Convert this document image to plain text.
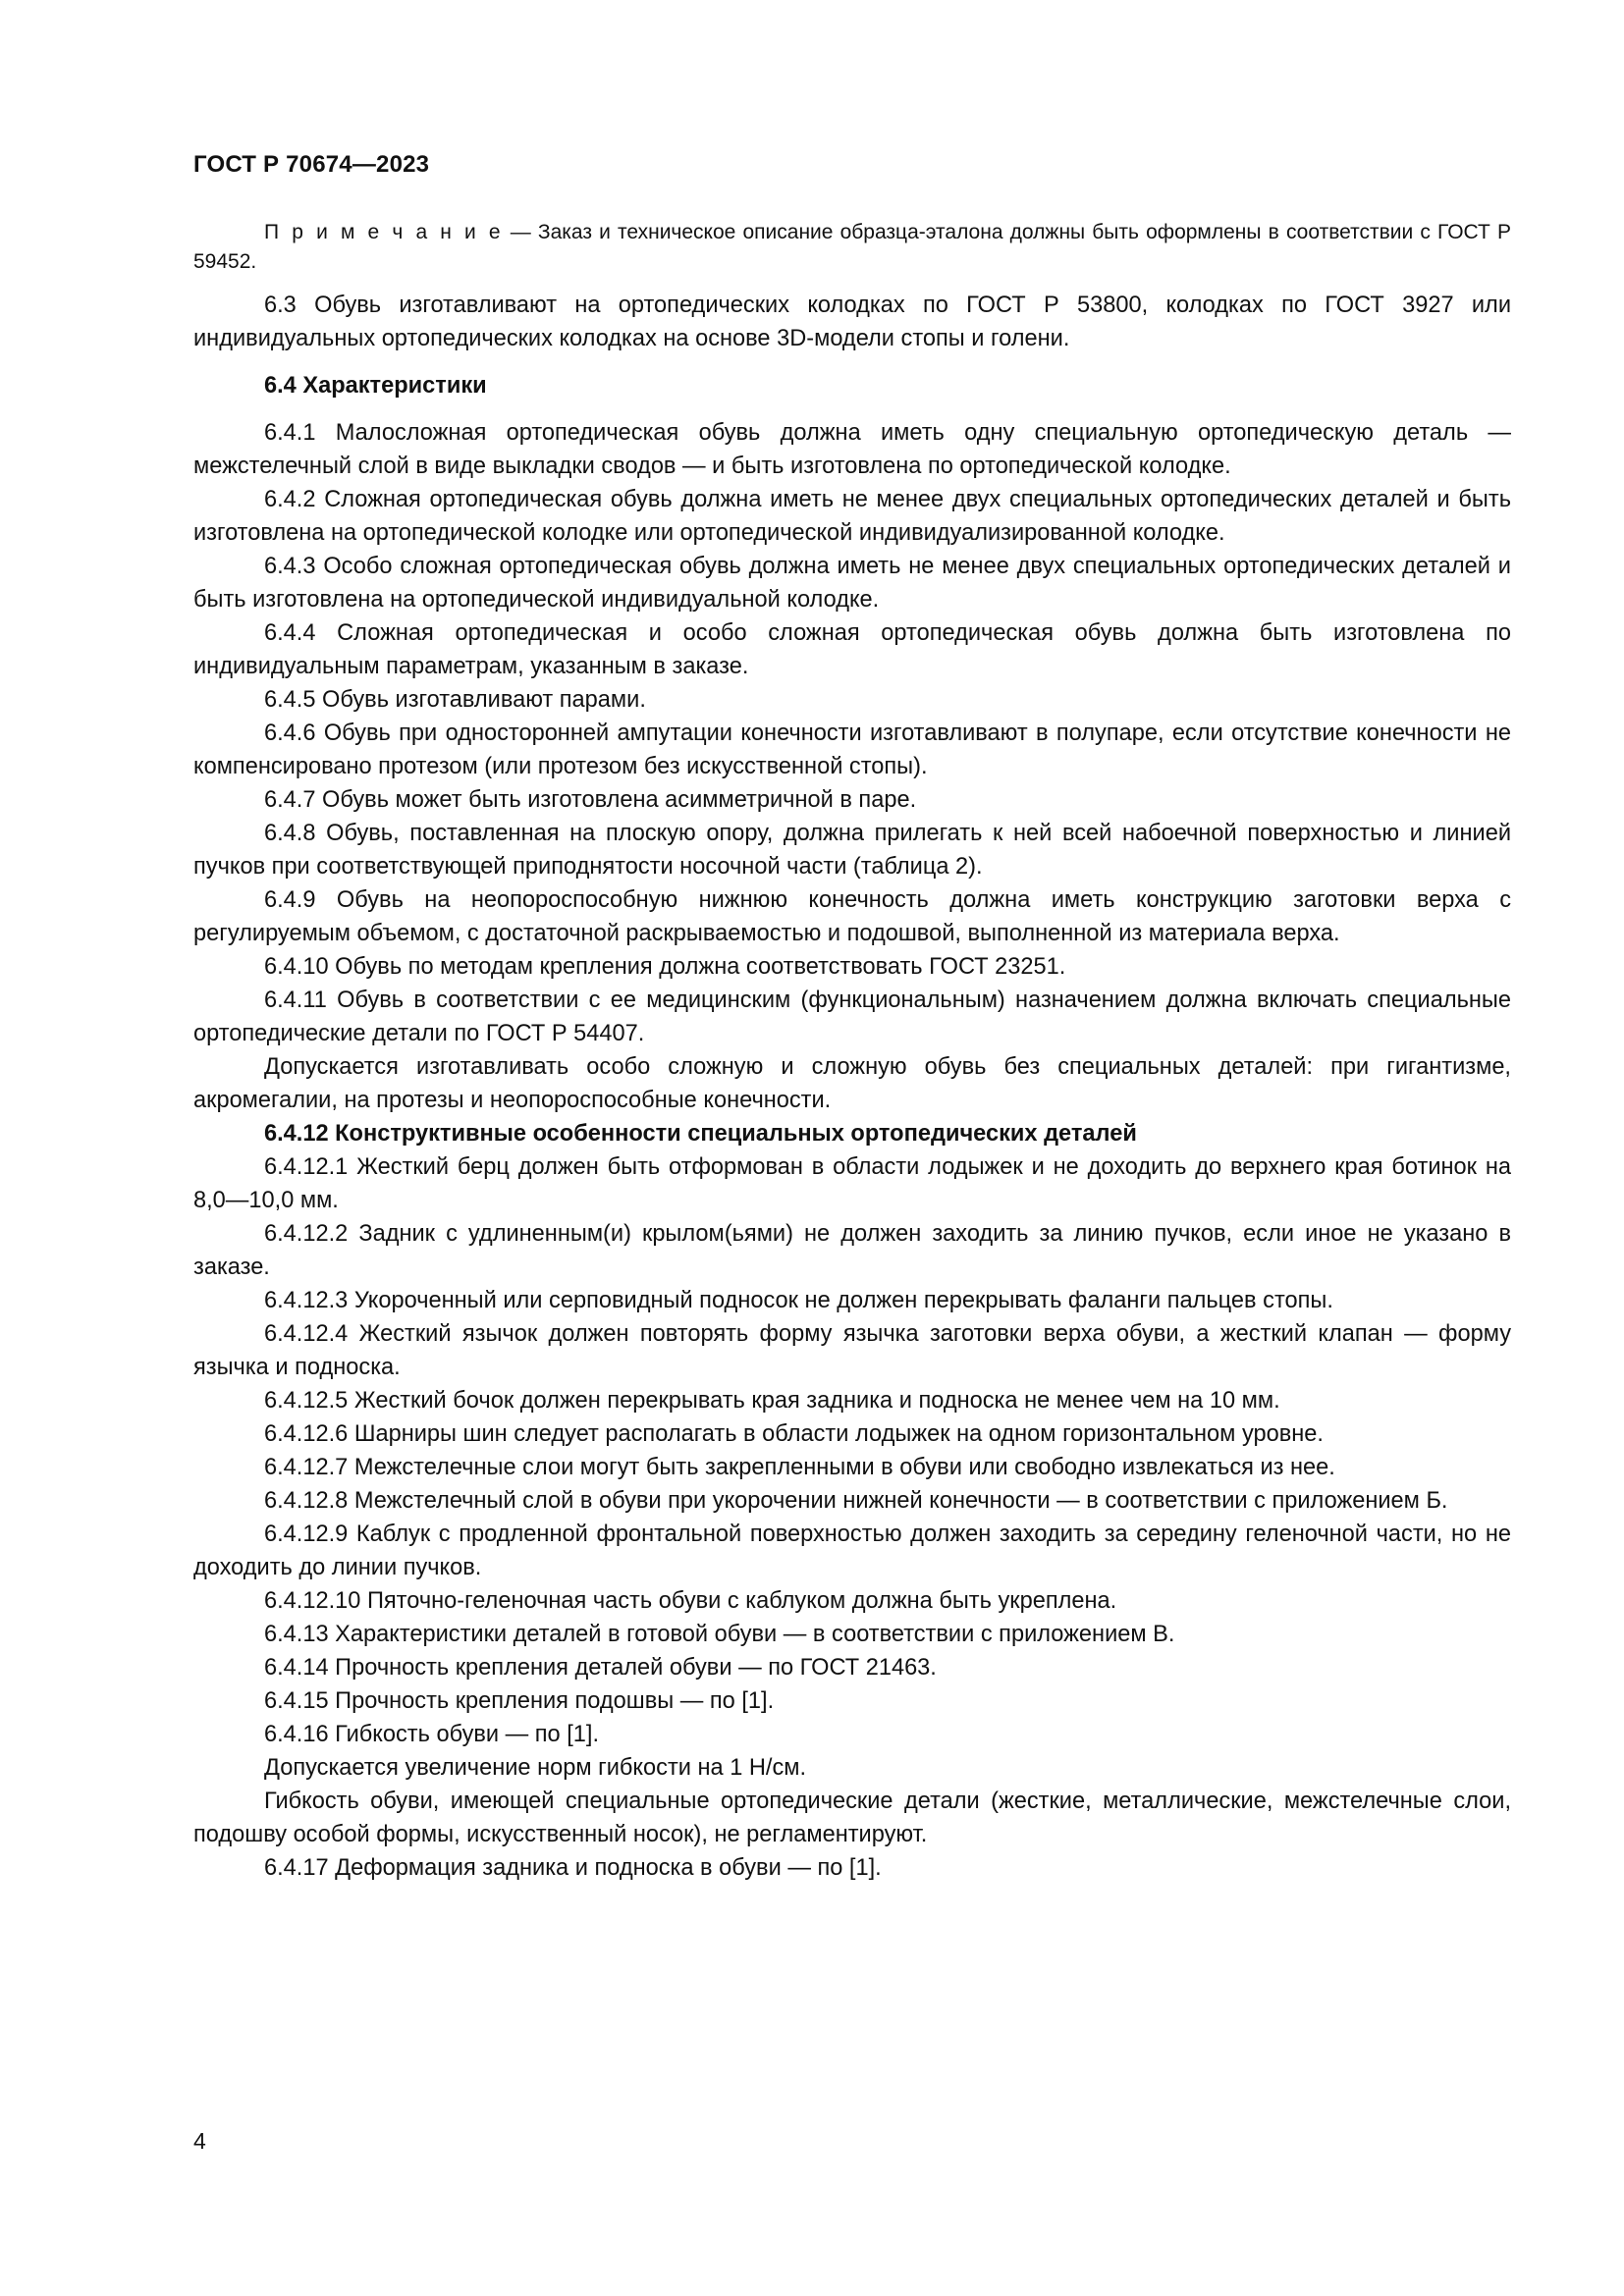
ГОСТ Р 70674—2023

П р и м е ч а н и е — Заказ и техническое описание образца-эталона должны быть оформлены в соответствии с ГОСТ Р 59452.

6.3 Обувь изготавливают на ортопедических колодках по ГОСТ Р 53800, колодках по ГОСТ 3927 или индивидуальных ортопедических колодках на основе 3D-модели стопы и голени.

6.4 Характеристики

6.4.1 Малосложная ортопедическая обувь должна иметь одну специальную ортопедическую деталь — межстелечный слой в виде выкладки сводов — и быть изготовлена по ортопедической колодке.

6.4.2 Сложная ортопедическая обувь должна иметь не менее двух специальных ортопедических деталей и быть изготовлена на ортопедической колодке или ортопедической индивидуализированной колодке.

6.4.3 Особо сложная ортопедическая обувь должна иметь не менее двух специальных ортопедических деталей и быть изготовлена на ортопедической индивидуальной колодке.

6.4.4 Сложная ортопедическая и особо сложная ортопедическая обувь должна быть изготовлена по индивидуальным параметрам, указанным в заказе.

6.4.5 Обувь изготавливают парами.

6.4.6 Обувь при односторонней ампутации конечности изготавливают в полупаре, если отсутствие конечности не компенсировано протезом (или протезом без искусственной стопы).

6.4.7 Обувь может быть изготовлена асимметричной в паре.

6.4.8 Обувь, поставленная на плоскую опору, должна прилегать к ней всей набоечной поверхностью и линией пучков при соответствующей приподнятости носочной части (таблица 2).

6.4.9 Обувь на неопороспособную нижнюю конечность должна иметь конструкцию заготовки верха с регулируемым объемом, с достаточной раскрываемостью и подошвой, выполненной из материала верха.

6.4.10 Обувь по методам крепления должна соответствовать ГОСТ 23251.

6.4.11 Обувь в соответствии с ее медицинским (функциональным) назначением должна включать специальные ортопедические детали по ГОСТ Р 54407.

Допускается изготавливать особо сложную и сложную обувь без специальных деталей: при гигантизме, акромегалии, на протезы и неопороспособные конечности.

6.4.12 Конструктивные особенности специальных ортопедических деталей

6.4.12.1 Жесткий берц должен быть отформован в области лодыжек и не доходить до верхнего края ботинок на 8,0—10,0 мм.

6.4.12.2 Задник с удлиненным(и) крылом(ьями) не должен заходить за линию пучков, если иное не указано в заказе.

6.4.12.3 Укороченный или серповидный подносок не должен перекрывать фаланги пальцев стопы.

6.4.12.4 Жесткий язычок должен повторять форму язычка заготовки верха обуви, а жесткий клапан — форму язычка и подноска.

6.4.12.5 Жесткий бочок должен перекрывать края задника и подноска не менее чем на 10 мм.

6.4.12.6 Шарниры шин следует располагать в области лодыжек на одном горизонтальном уровне.

6.4.12.7 Межстелечные слои могут быть закрепленными в обуви или свободно извлекаться из нее.

6.4.12.8 Межстелечный слой в обуви при укорочении нижней конечности — в соответствии с приложением Б.

6.4.12.9 Каблук с продленной фронтальной поверхностью должен заходить за середину геленочной части, но не доходить до линии пучков.

6.4.12.10 Пяточно-геленочная часть обуви с каблуком должна быть укреплена.

6.4.13 Характеристики деталей в готовой обуви — в соответствии с приложением В.

6.4.14 Прочность крепления деталей обуви — по ГОСТ 21463.

6.4.15 Прочность крепления подошвы — по [1].

6.4.16 Гибкость обуви — по [1].

Допускается увеличение норм гибкости на 1 Н/см.

Гибкость обуви, имеющей специальные ортопедические детали (жесткие, металлические, межстелечные слои, подошву особой формы, искусственный носок), не регламентируют.

6.4.17 Деформация задника и подноска в обуви — по [1].

4
